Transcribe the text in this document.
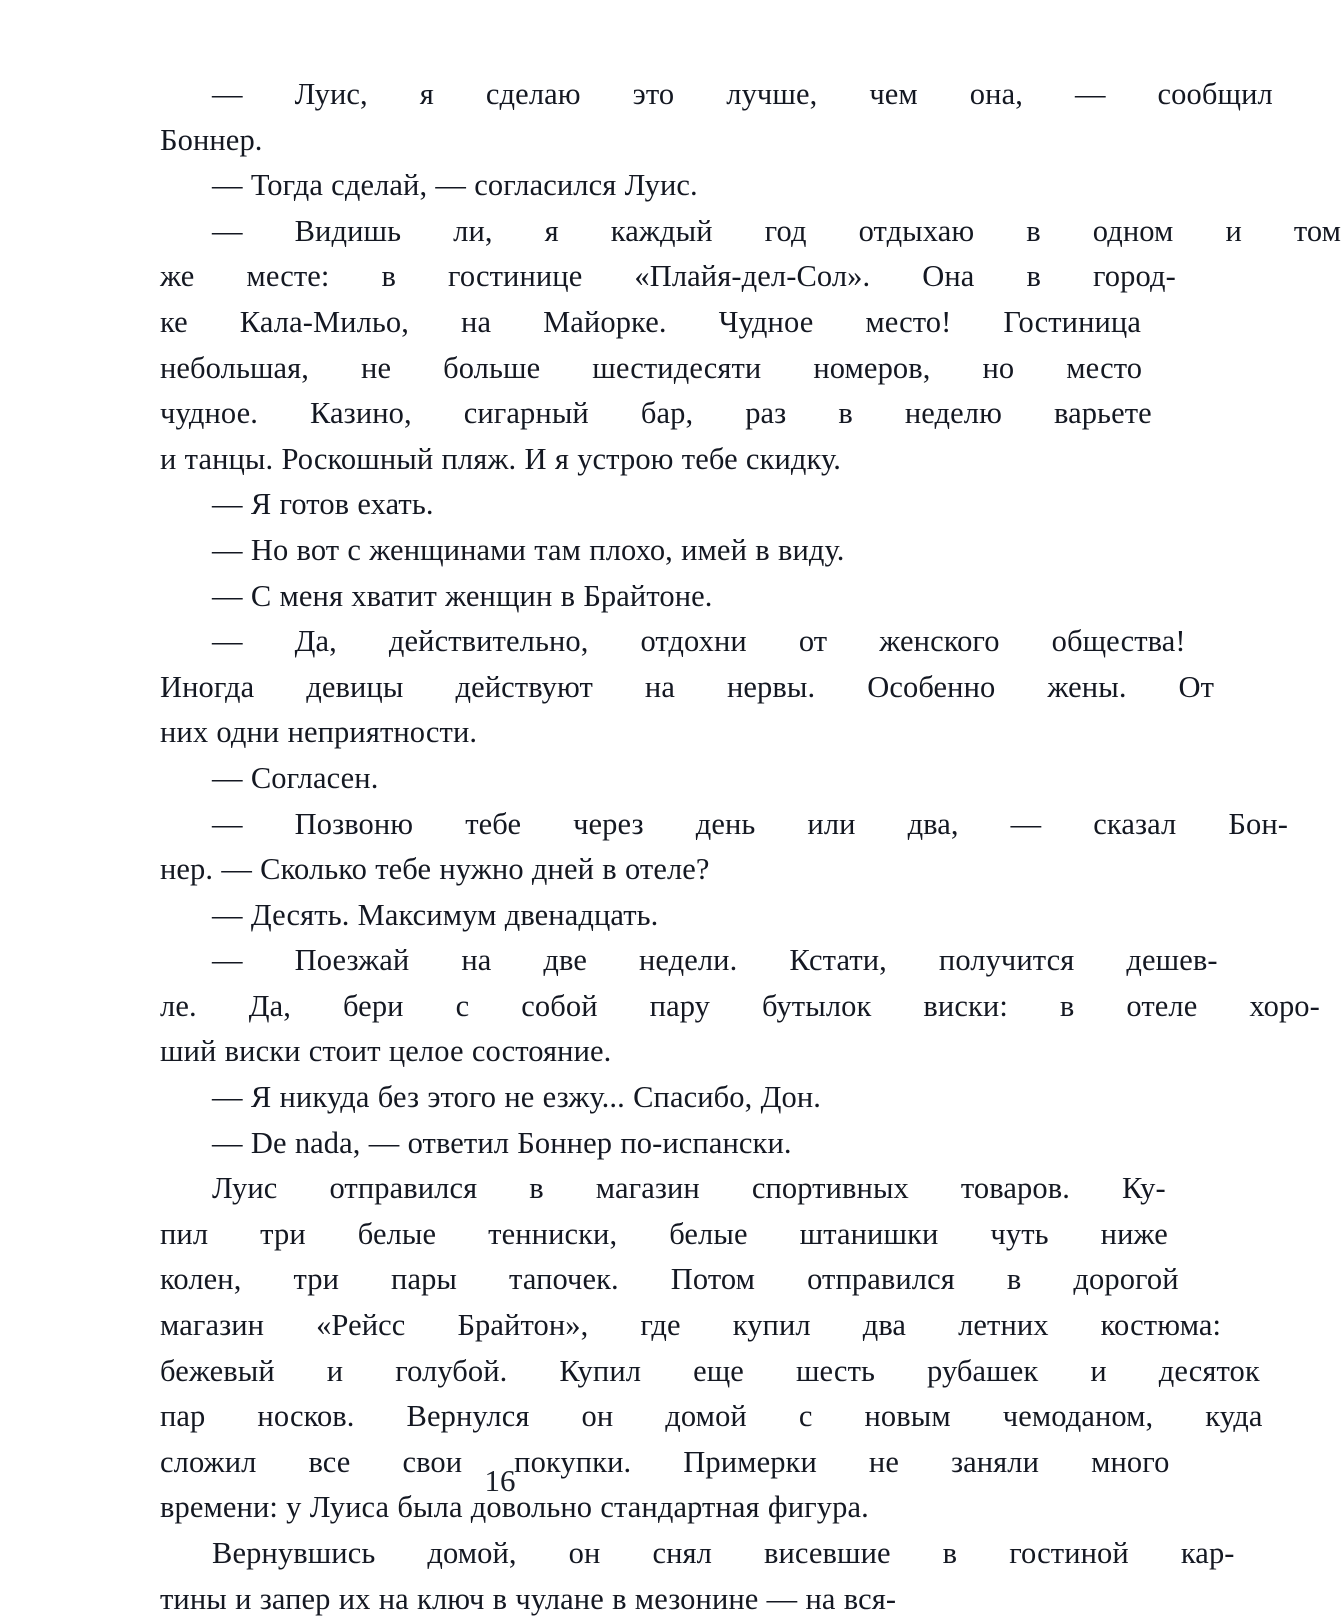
—	Луис,	я	сделаю	это	лучше,	чем	она,	—	сообщил
Боннер.
— Тогда сделай, — согласился Луис.
—	Видишь	ли,	я	каждый	год	отдыхаю	в	одном	и	том
же	месте:	в	гостинице	«Плайя-дел-Сол».	Она	в	город-
ке	Кала-Мильо,	на	Майорке.	Чудное	место!	Гостиница
небольшая,	не	больше	шестидесяти	номеров,	но	место
чудное.	Казино,	сигарный	бар,	раз	в	неделю	варьете
и танцы. Роскошный пляж. И я устрою тебе скидку.
— Я готов ехать.
— Но вот с женщинами там плохо, имей в виду.
— С меня хватит женщин в Брайтоне.
—	Да,	действительно,	отдохни	от	женского	общества!
Иногда	девицы	действуют	на	нервы.	Особенно	жены.	От
них одни неприятности.
— Согласен.
—	Позвоню	тебе	через	день	или	два,	—	сказал	Бон-
нер. — Сколько тебе нужно дней в отеле?
— Десять. Максимум двенадцать.
—	Поезжай	на	две	недели.	Кстати,	получится	дешев-
ле.	Да,	бери	с	собой	пару	бутылок	виски:	в	отеле	хоро-
ший виски стоит целое состояние.
— Я никуда без этого не езжу... Спасибо, Дон.
— De nada, — ответил Боннер по-испански.
Луис	отправился	в	магазин	спортивных	товаров.	Ку-
пил	три	белые	тенниски,	белые	штанишки	чуть	ниже
колен,	три	пары	тапочек.	Потом	отправился	в	дорогой
магазин	«Рейсс	Брайтон»,	где	купил	два	летних	костюма:
бежевый	и	голубой.	Купил	еще	шесть	рубашек	и	десяток
пар	носков.	Вернулся	он	домой	с	новым	чемоданом,	куда
сложил	все	свои	покупки.	Примерки	не	заняли	много
времени: у Луиса была довольно стандартная фигура.
Вернувшись	домой,	он	снял	висевшие	в	гостиной	кар-
тины и запер их на ключ в чулане в мезонине — на вся-
16
